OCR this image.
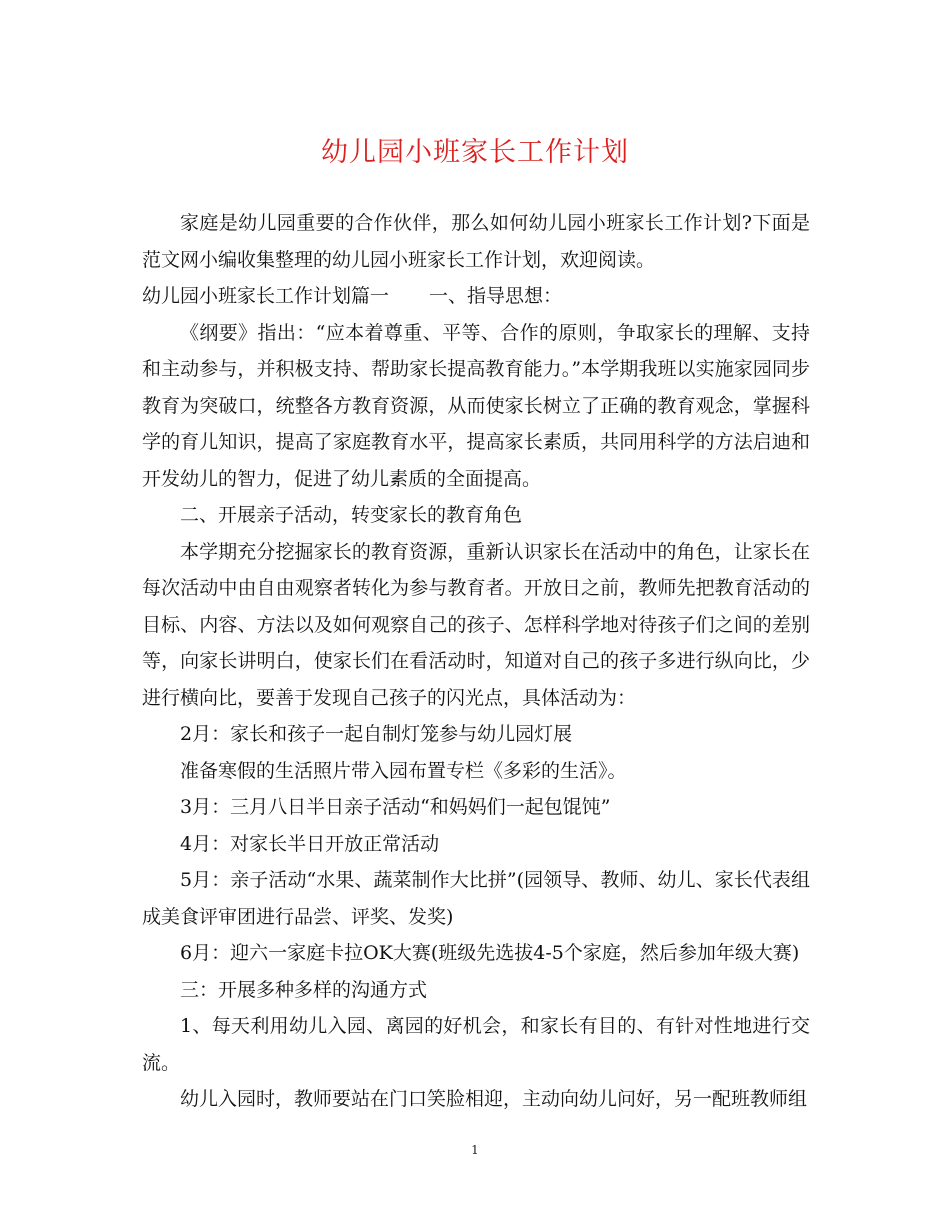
幼儿园小班家长工作计划

家庭是幼儿园重要的合作伙伴，那么如何幼儿园小班家长工作计划?下面是范文网小编收集整理的幼儿园小班家长工作计划，欢迎阅读。

幼儿园小班家长工作计划篇一 一、指导思想：

《纲要》指出：“应本着尊重、平等、合作的原则，争取家长的理解、支持和主动参与，并积极支持、帮助家长提高教育能力。”本学期我班以实施家园同步教育为突破口，统整各方教育资源，从而使家长树立了正确的教育观念，掌握科学的育儿知识，提高了家庭教育水平，提高家长素质，共同用科学的方法启迪和开发幼儿的智力，促进了幼儿素质的全面提高。

二、开展亲子活动，转变家长的教育角色

本学期充分挖掘家长的教育资源，重新认识家长在活动中的角色，让家长在每次活动中由自由观察者转化为参与教育者。开放日之前，教师先把教育活动的目标、内容、方法以及如何观察自己的孩子、怎样科学地对待孩子们之间的差别等，向家长讲明白，使家长们在看活动时，知道对自己的孩子多进行纵向比，少进行横向比，要善于发现自己孩子的闪光点，具体活动为：

2月：家长和孩子一起自制灯笼参与幼儿园灯展

准备寒假的生活照片带入园布置专栏《多彩的生活》。

3月：三月八日半日亲子活动“和妈妈们一起包馄饨”

4月：对家长半日开放正常活动

5月：亲子活动“水果、蔬菜制作大比拼”(园领导、教师、幼儿、家长代表组成美食评审团进行品尝、评奖、发奖)

6月：迎六一家庭卡拉OK大赛(班级先选拔4-5个家庭，然后参加年级大赛)

三：开展多种多样的沟通方式

1、每天利用幼儿入园、离园的好机会，和家长有目的、有针对性地进行交流。

幼儿入园时，教师要站在门口笑脸相迎，主动向幼儿问好，另一配班教师组

1
